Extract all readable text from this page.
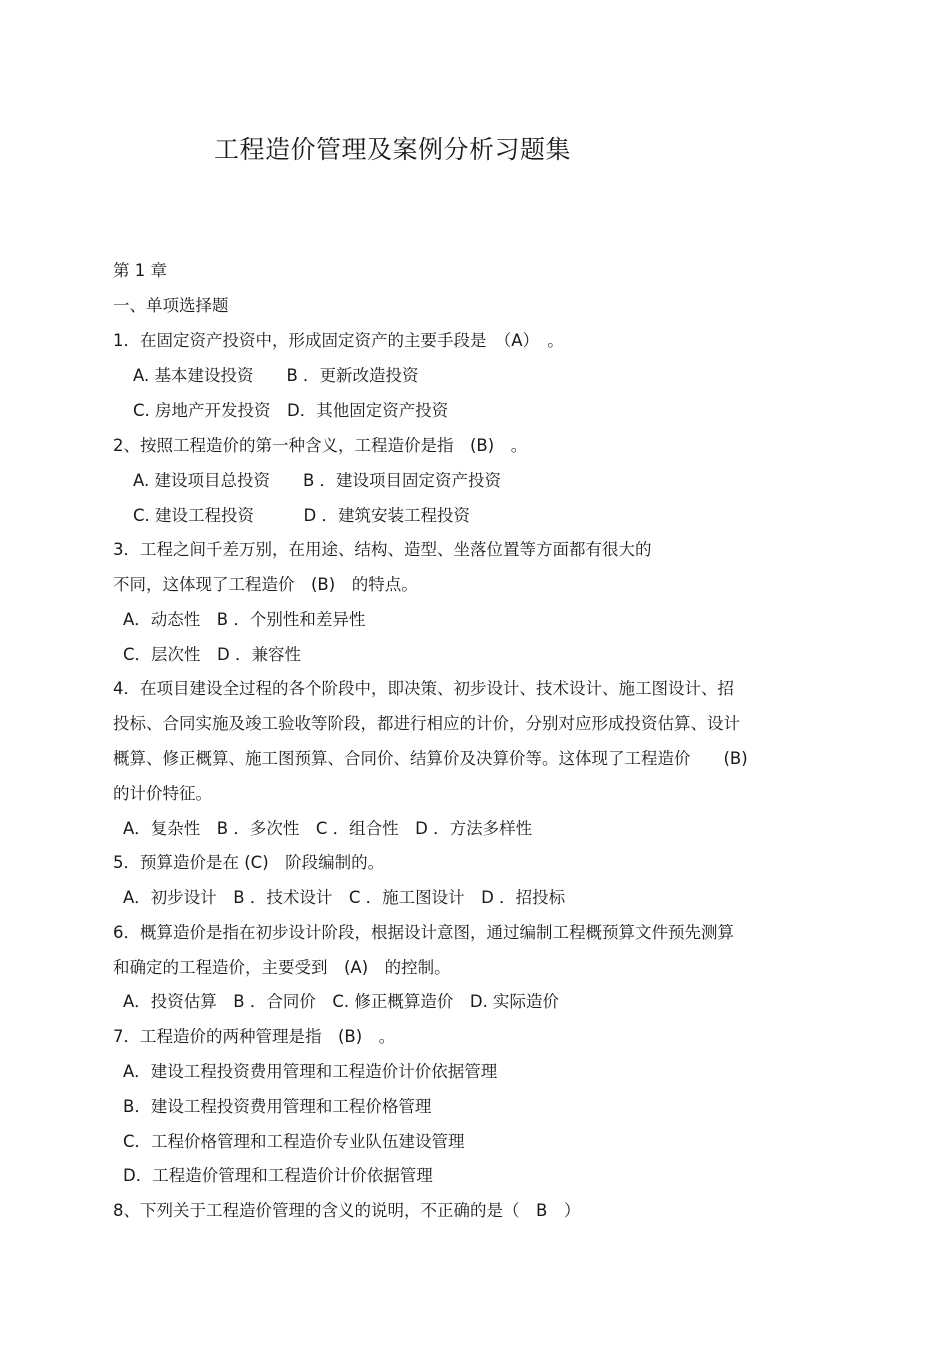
工程造价管理及案例分析习题集
第 1 章
一、单项选择题
1．在固定资产投资中，形成固定资产的主要手段是　（A）　。
A. 基本建设投资　　B ．更新改造投资
C. 房地产开发投资　D．其他固定资产投资
2、按照工程造价的第一种含义，工程造价是指　(B)　。
A. 建设项目总投资　　B ．建设项目固定资产投资
C. 建设工程投资　　　D ．建筑安装工程投资
3．工程之间千差万别，在用途、结构、造型、坐落位置等方面都有很大的
不同，这体现了工程造价　(B)　的特点。
A．动态性　B ．个别性和差异性
C．层次性　D ．兼容性
4．在项目建设全过程的各个阶段中，即决策、初步设计、技术设计、施工图设计、招
投标、合同实施及竣工验收等阶段，都进行相应的计价，分别对应形成投资估算、设计
概算、修正概算、施工图预算、合同价、结算价及决算价等。这体现了工程造价　　(B)
的计价特征。
A．复杂性　B ．多次性　C ．组合性　D ．方法多样性
5．预算造价是在 (C)　阶段编制的。
A．初步设计　B ．技术设计　C ．施工图设计　D ．招投标
6．概算造价是指在初步设计阶段，根据设计意图，通过编制工程概预算文件预先测算
和确定的工程造价，主要受到　(A)　的控制。
A．投资估算　B ．合同价　C. 修正概算造价　D. 实际造价
7．工程造价的两种管理是指　(B)　。
A．建设工程投资费用管理和工程造价计价依据管理
B．建设工程投资费用管理和工程价格管理
C．工程价格管理和工程造价专业队伍建设管理
D．工程造价管理和工程造价计价依据管理
8、下列关于工程造价管理的含义的说明，不正确的是（　B　）
